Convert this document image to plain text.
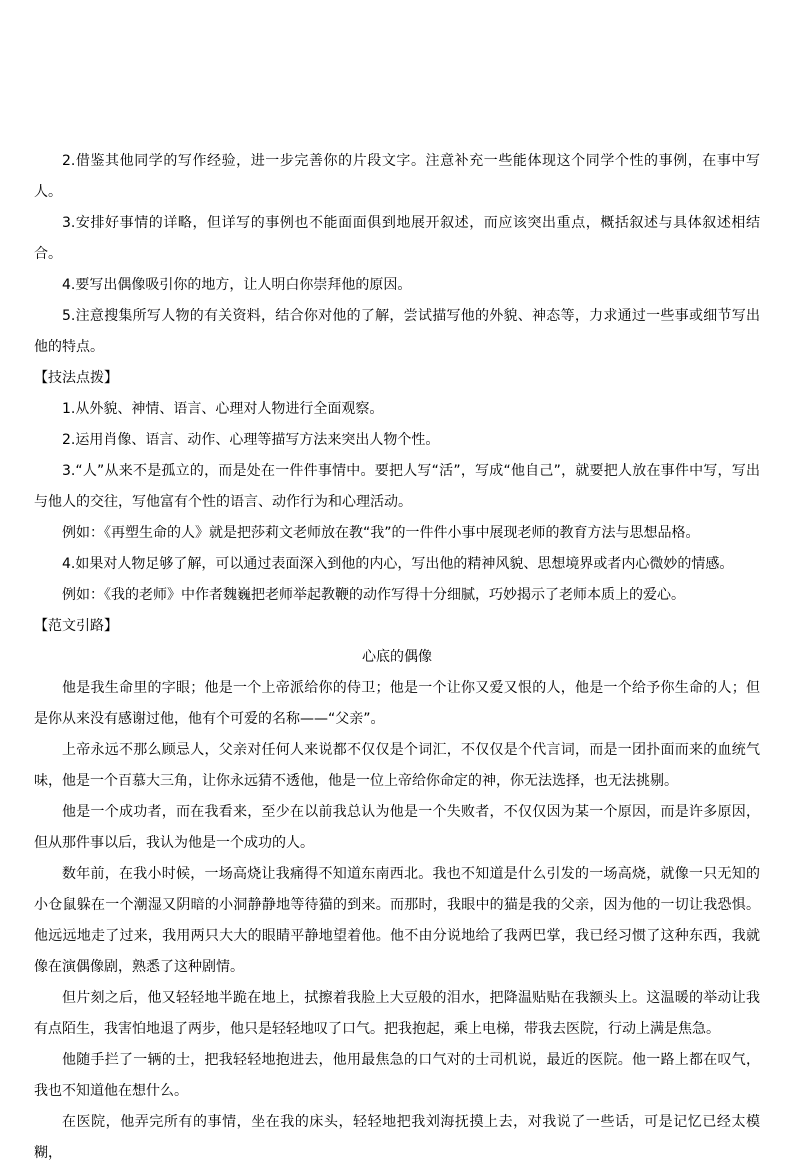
2.借鉴其他同学的写作经验，进一步完善你的片段文字。注意补充一些能体现这个同学个性的事例，在事中写人。

3.安排好事情的详略，但详写的事例也不能面面俱到地展开叙述，而应该突出重点，概括叙述与具体叙述相结合。

4.要写出偶像吸引你的地方，让人明白你崇拜他的原因。

5.注意搜集所写人物的有关资料，结合你对他的了解，尝试描写他的外貌、神态等，力求通过一些事或细节写出他的特点。

【技法点拨】

1.从外貌、神情、语言、心理对人物进行全面观察。

2.运用肖像、语言、动作、心理等描写方法来突出人物个性。

3.“人”从来不是孤立的，而是处在一件件事情中。要把人写“活”，写成“他自己”，就要把人放在事件中写，写出与他人的交往，写他富有个性的语言、动作行为和心理活动。

例如：《再塑生命的人》就是把莎莉文老师放在教“我”的一件件小事中展现老师的教育方法与思想品格。

4.如果对人物足够了解，可以通过表面深入到他的内心，写出他的精神风貌、思想境界或者内心微妙的情感。

例如：《我的老师》中作者魏巍把老师举起教鞭的动作写得十分细腻，巧妙揭示了老师本质上的爱心。

【范文引路】

心底的偶像

他是我生命里的字眼；他是一个上帝派给你的侍卫；他是一个让你又爱又恨的人，他是一个给予你生命的人；但是你从来没有感谢过他，他有个可爱的名称——“父亲”。

上帝永远不那么顾忌人，父亲对任何人来说都不仅仅是个词汇，不仅仅是个代言词，而是一团扑面而来的血统气味，他是一个百慕大三角，让你永远猜不透他，他是一位上帝给你命定的神，你无法选择，也无法挑剔。

他是一个成功者，而在我看来，至少在以前我总认为他是一个失败者，不仅仅因为某一个原因，而是许多原因，但从那件事以后，我认为他是一个成功的人。

数年前，在我小时候，一场高烧让我痛得不知道东南西北。我也不知道是什么引发的一场高烧，就像一只无知的小仓鼠躲在一个潮湿又阴暗的小洞静静地等待猫的到来。而那时，我眼中的猫是我的父亲，因为他的一切让我恐惧。他远远地走了过来，我用两只大大的眼睛平静地望着他。他不由分说地给了我两巴掌，我已经习惯了这种东西，我就像在演偶像剧，熟悉了这种剧情。

但片刻之后，他又轻轻地半跪在地上，拭擦着我脸上大豆般的泪水，把降温贴贴在我额头上。这温暖的举动让我有点陌生，我害怕地退了两步，他只是轻轻地叹了口气。把我抱起，乘上电梯，带我去医院，行动上满是焦急。

他随手拦了一辆的士，把我轻轻地抱进去，他用最焦急的口气对的士司机说，最近的医院。他一路上都在叹气，我也不知道他在想什么。

在医院，他弄完所有的事情，坐在我的床头，轻轻地把我刘海抚摸上去，对我说了一些话，可是记忆已经太模糊，
